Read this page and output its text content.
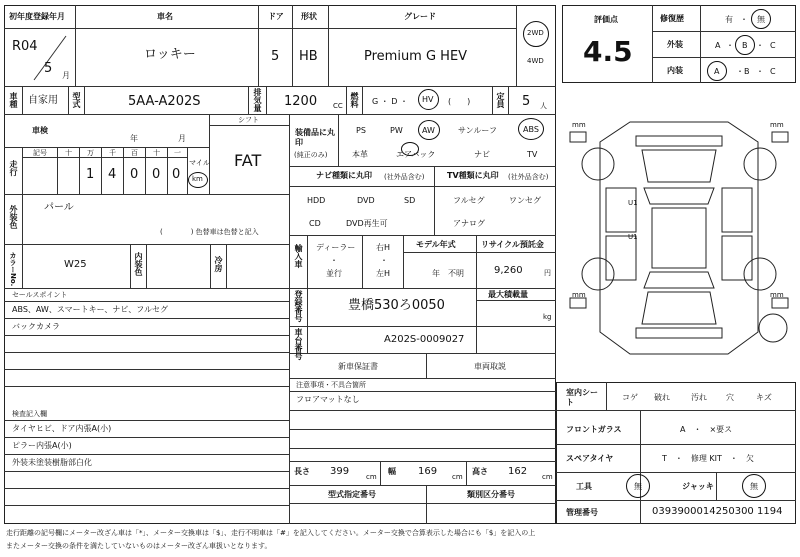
初年度登録年月	車名	ドア 形状	グレード
R04
5 月
ロッキー	5 HB	Premium G HEV
2WD
4WD
車種 自家用 型式	5AA-A202S	排気量 1200 CC 燃料 G ・ D ・ HV (　　)	定員 5 人
車検
年	月
シフト
FAT
走行
記号	十 万 千 百 十 一
1 4 0 0 0
マイル
km
装備品に丸印
(純正のみ)
PS	PW AW	サンルーフ	ABS
本革	エアバック	ナビ	TV
ナビ種類に丸印 (社外品含む)	TV種類に丸印 (社外品含む)
HDD	DVD	SD
CD	DVD再生可
フルセグ	ワンセグ
アナログ
外装色	パール
(　　　　) 色替車は色替と記入
カラーNo.	W25	内装色	冷房	輸入車 ディーラー
・
並行
右H
・
左H
モデル年式
年　不明
リサイクル預託金
9,260	円
セールスポイント
ABS、AW、スマートキー、ナビ、フルセグ
バックカメラ
登録番号	豊橋530ろ0050
最大積載量
kg
車台番号	A202S-0009027
新車保証書	車両取説
注意事項・不具合箇所
フロアマットなし
検査記入欄
タイヤヒビ、ドア内張A(小)
ピラー内張A(小)
外装未塗装樹脂部白化
長さ 399 cm
幅 169 cm
高さ 162 cm
型式指定番号	類別区分番号
評価点
4.5
修復歴	有 ・ 無
外装	A ・ B ・ C
内装	A ・ B ・ C
mm	mm
mm	mm
U1
U1
室内シート
コゲ 破れ	汚れ 穴	キズ
フロントガラス	A　・　×要ス
スペアタイヤ	T　・　修理 KIT　・　欠
工具	無	ジャッキ	無
管理番号	0393900014250300 1194
走行距離の記号欄にメーター改ざん車は「*」、メーター交換車は「$」、走行不明車は「#」を記入してください。メーター交換で合算表示した場合にも「$」を記入の上
またメーター交換の条件を満たしていないものはメーター改ざん車扱いとなります。
